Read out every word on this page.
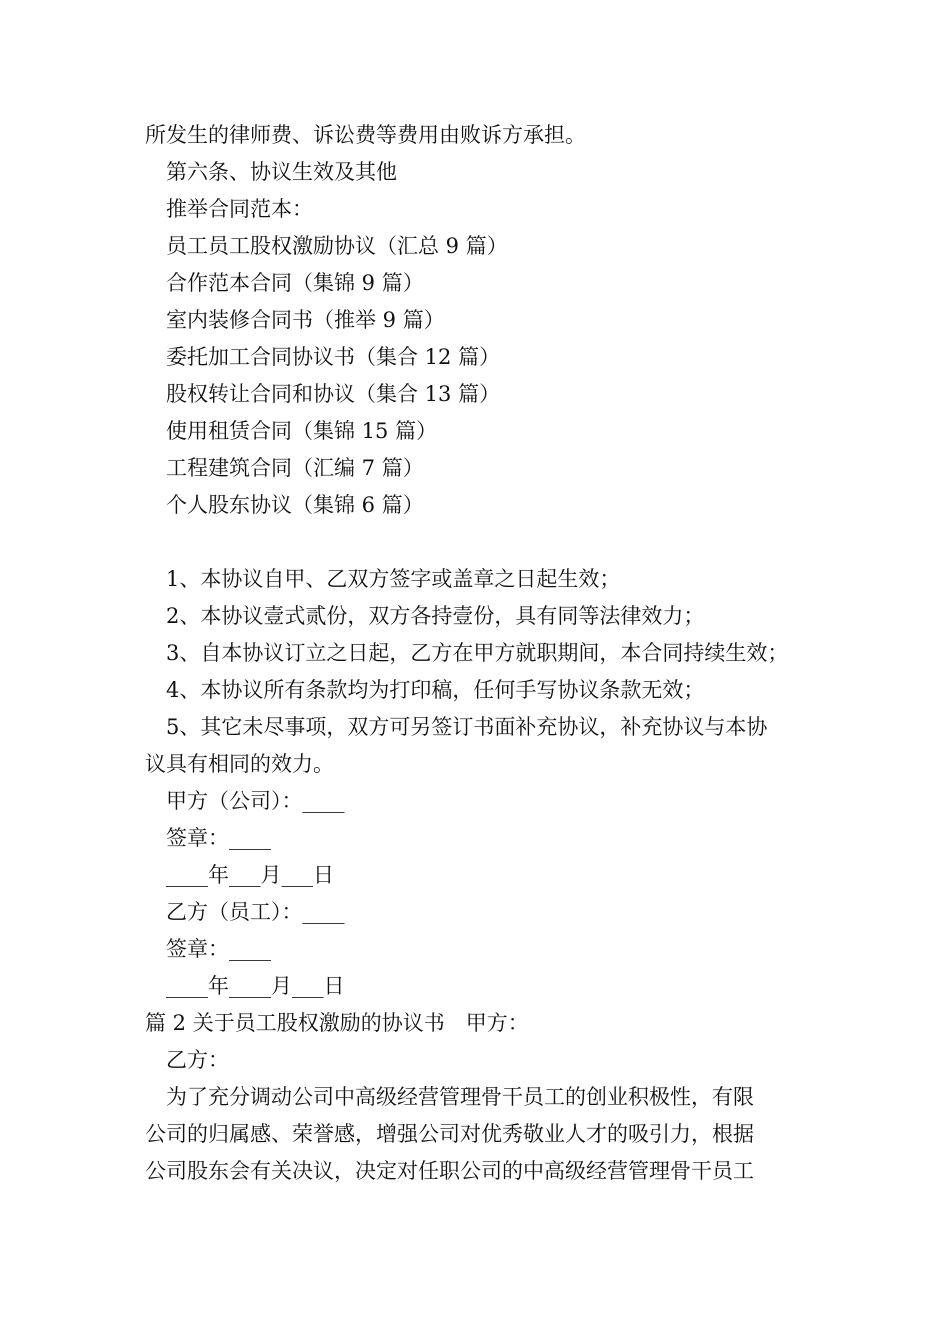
所发生的律师费、诉讼费等费用由败诉方承担。
第六条、协议生效及其他
推举合同范本：
员工员工股权激励协议（汇总 9 篇）
合作范本合同（集锦 9 篇）
室内装修合同书（推举 9 篇）
委托加工合同协议书（集合 12 篇）
股权转让合同和协议（集合 13 篇）
使用租赁合同（集锦 15 篇）
工程建筑合同（汇编 7 篇）
个人股东协议（集锦 6 篇）
1、本协议自甲、乙双方签字或盖章之日起生效；
2、本协议壹式贰份，双方各持壹份，具有同等法律效力；
3、自本协议订立之日起，乙方在甲方就职期间，本合同持续生效；
4、本协议所有条款均为打印稿，任何手写协议条款无效；
5、其它未尽事项，双方可另签订书面补充协议，补充协议与本协
议具有相同的效力。
甲方（公司）：____
签章：____
____年___月___日
乙方（员工）：____
签章：____
____年____月___日
篇 2 关于员工股权激励的协议书　甲方：
乙方：
为了充分调动公司中高级经营管理骨干员工的创业积极性，有限
公司的归属感、荣誉感，增强公司对优秀敬业人才的吸引力，根据
公司股东会有关决议，决定对任职公司的中高级经营管理骨干员工
